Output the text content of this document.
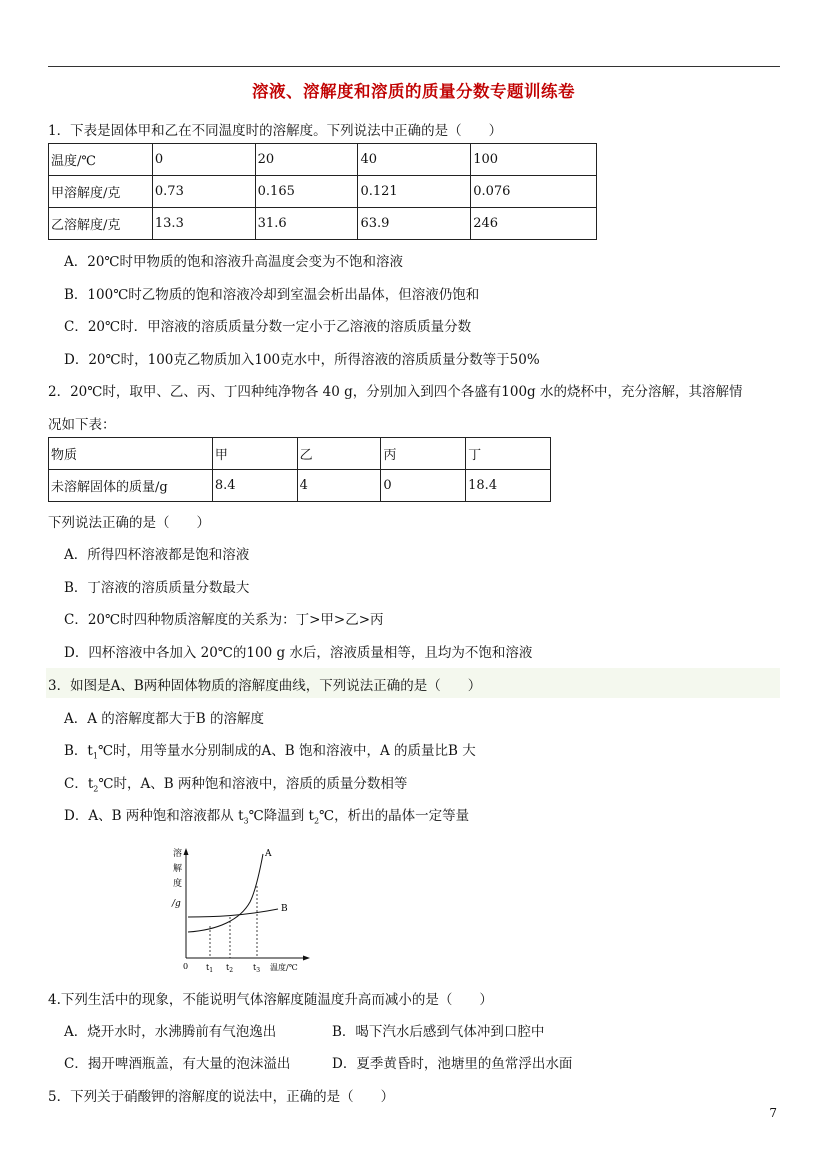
溶液、溶解度和溶质的质量分数专题训练卷
1．下表是固体甲和乙在不同温度时的溶解度。下列说法中正确的是（　　）
温度/℃	0	20	40	100
甲溶解度/克	0.73	0.165	0.121	0.076
乙溶解度/克	13.3	31.6	63.9	246
A．20℃时甲物质的饱和溶液升高温度会变为不饱和溶液
B．100℃时乙物质的饱和溶液冷却到室温会析出晶体，但溶液仍饱和
C．20℃时．甲溶液的溶质质量分数一定小于乙溶液的溶质质量分数
D．20℃时，100克乙物质加入100克水中，所得溶液的溶质质量分数等于50%
2．20℃时，取甲、乙、丙、丁四种纯净物各 40 g，分别加入到四个各盛有100g 水的烧杯中，充分溶解，其溶解情
况如下表：
物质	甲	乙	丙	丁
未溶解固体的质量/g	8.4	4	0	18.4
下列说法正确的是（　　）
A．所得四杯溶液都是饱和溶液
B．丁溶液的溶质质量分数最大
C．20℃时四种物质溶解度的关系为：丁>甲>乙>丙
D．四杯溶液中各加入 20℃的100 g 水后，溶液质量相等，且均为不饱和溶液
3．如图是A、B两种固体物质的溶解度曲线，下列说法正确的是（　　）
A．A 的溶解度都大于B 的溶解度
B．$t_1℃$时，用等量水分别制成的A、B 饱和溶液中，A 的质量比B 大
C．$t_2℃$时，A、B 两种饱和溶液中，溶质的质量分数相等
D．A、B 两种饱和溶液都从 $t_3℃$降温到 $t_2℃$，析出的晶体一定等量
溶
解
度
/g
A
B
0 $t_1$ $t_2$ $t_3$ 温度/℃
4.下列生活中的现象，不能说明气体溶解度随温度升高而减小的是（　　）
A．烧开水时，水沸腾前有气泡逸出	B．喝下汽水后感到气体冲到口腔中
C．揭开啤酒瓶盖，有大量的泡沫溢出	D．夏季黄昏时，池塘里的鱼常浮出水面
5．下列关于硝酸钾的溶解度的说法中，正确的是（　　）
7
